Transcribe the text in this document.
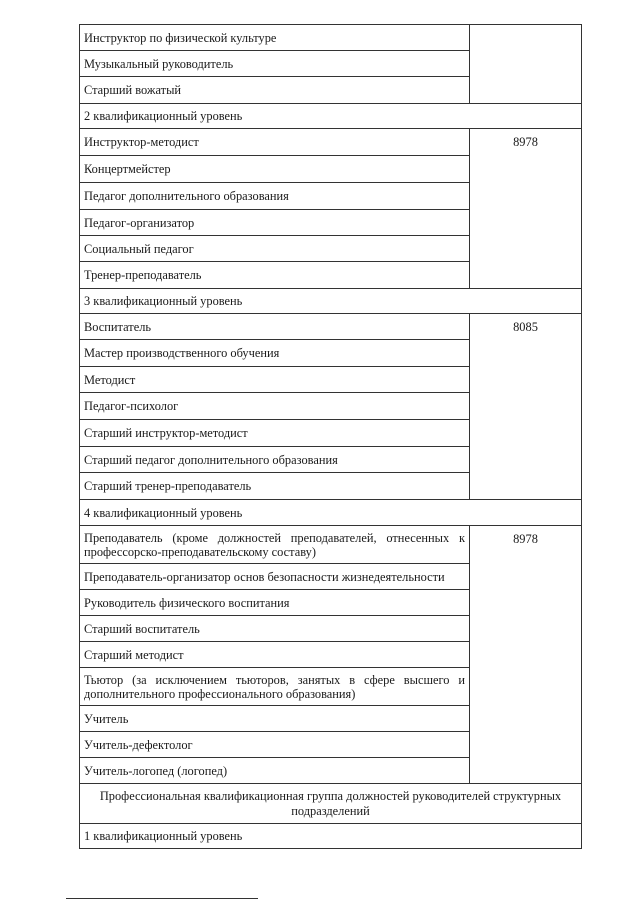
Инструктор по физической культуре	
Музыкальный руководитель	
Старший вожатый	
2 квалификационный уровень	
Инструктор-методист	8978
Концертмейстер	
Педагог дополнительного образования	
Педагог-организатор	
Социальный педагог	
Тренер-преподаватель	
3 квалификационный уровень	
Воспитатель	8085
Мастер производственного обучения	
Методист	
Педагог-психолог	
Старший инструктор-методист	
Старший педагог дополнительного образования	
Старший тренер-преподаватель	
4 квалификационный уровень	
Преподаватель (кроме должностей преподавателей, отнесенных к профессорско-преподавательскому составу)	8978
Преподаватель-организатор основ безопасности жизнедеятельности	
Руководитель физического воспитания	
Старший воспитатель	
Старший методист	
Тьютор (за исключением тьюторов, занятых в сфере высшего и дополнительного профессионального образования)	
Учитель	
Учитель-дефектолог	
Учитель-логопед (логопед)	
Профессиональная квалификационная группа должностей руководителей структурных подразделений	
1 квалификационный уровень	
